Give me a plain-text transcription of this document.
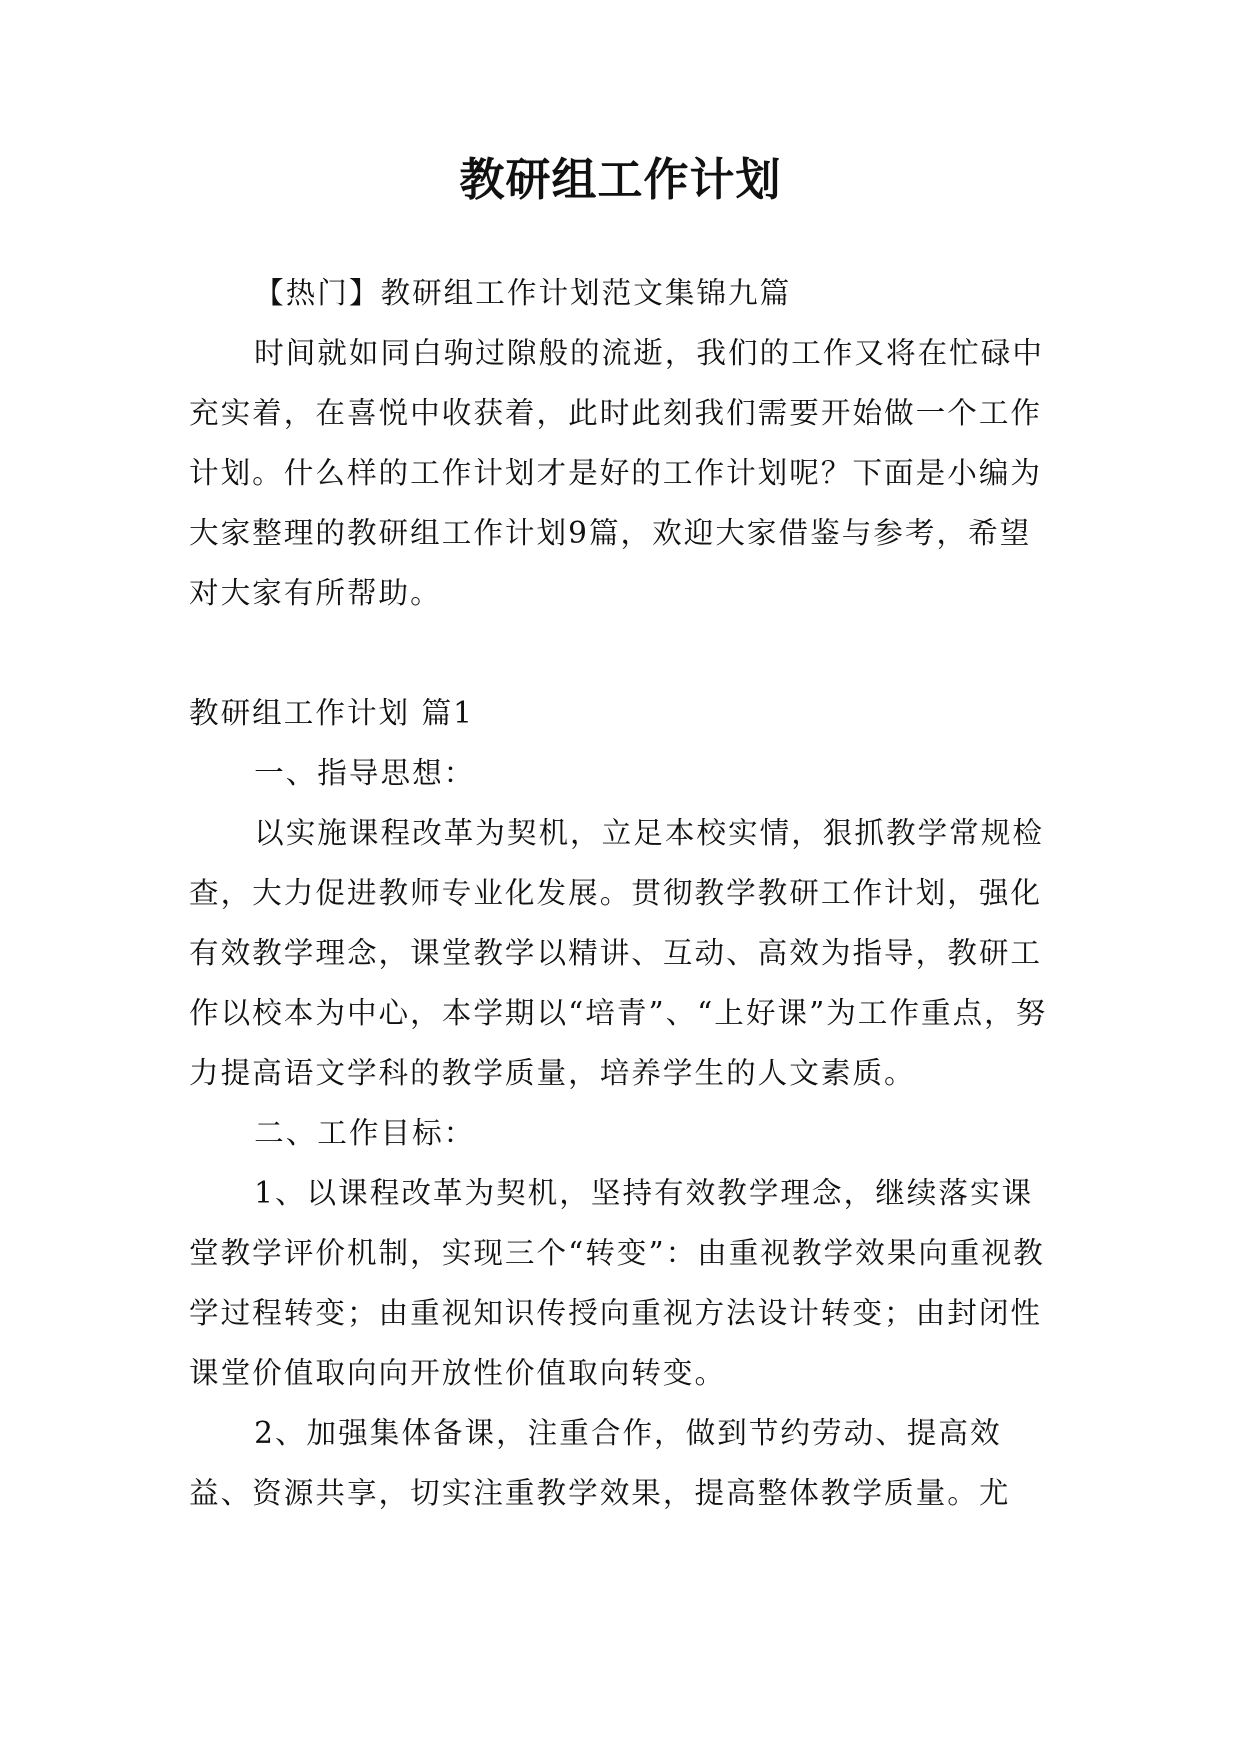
教研组工作计划

【热门】教研组工作计划范文集锦九篇

时间就如同白驹过隙般的流逝，我们的工作又将在忙碌中充实着，在喜悦中收获着，此时此刻我们需要开始做一个工作计划。什么样的工作计划才是好的工作计划呢？下面是小编为大家整理的教研组工作计划9篇，欢迎大家借鉴与参考，希望对大家有所帮助。

教研组工作计划 篇1

一、指导思想：

以实施课程改革为契机，立足本校实情，狠抓教学常规检查，大力促进教师专业化发展。贯彻教学教研工作计划，强化有效教学理念，课堂教学以精讲、互动、高效为指导，教研工作以校本为中心，本学期以“培青”、“上好课”为工作重点，努力提高语文学科的教学质量，培养学生的人文素质。

二、工作目标：

1、以课程改革为契机，坚持有效教学理念，继续落实课堂教学评价机制，实现三个“转变”：由重视教学效果向重视教学过程转变；由重视知识传授向重视方法设计转变；由封闭性课堂价值取向向开放性价值取向转变。

2、加强集体备课，注重合作，做到节约劳动、提高效益、资源共享，切实注重教学效果，提高整体教学质量。尤
